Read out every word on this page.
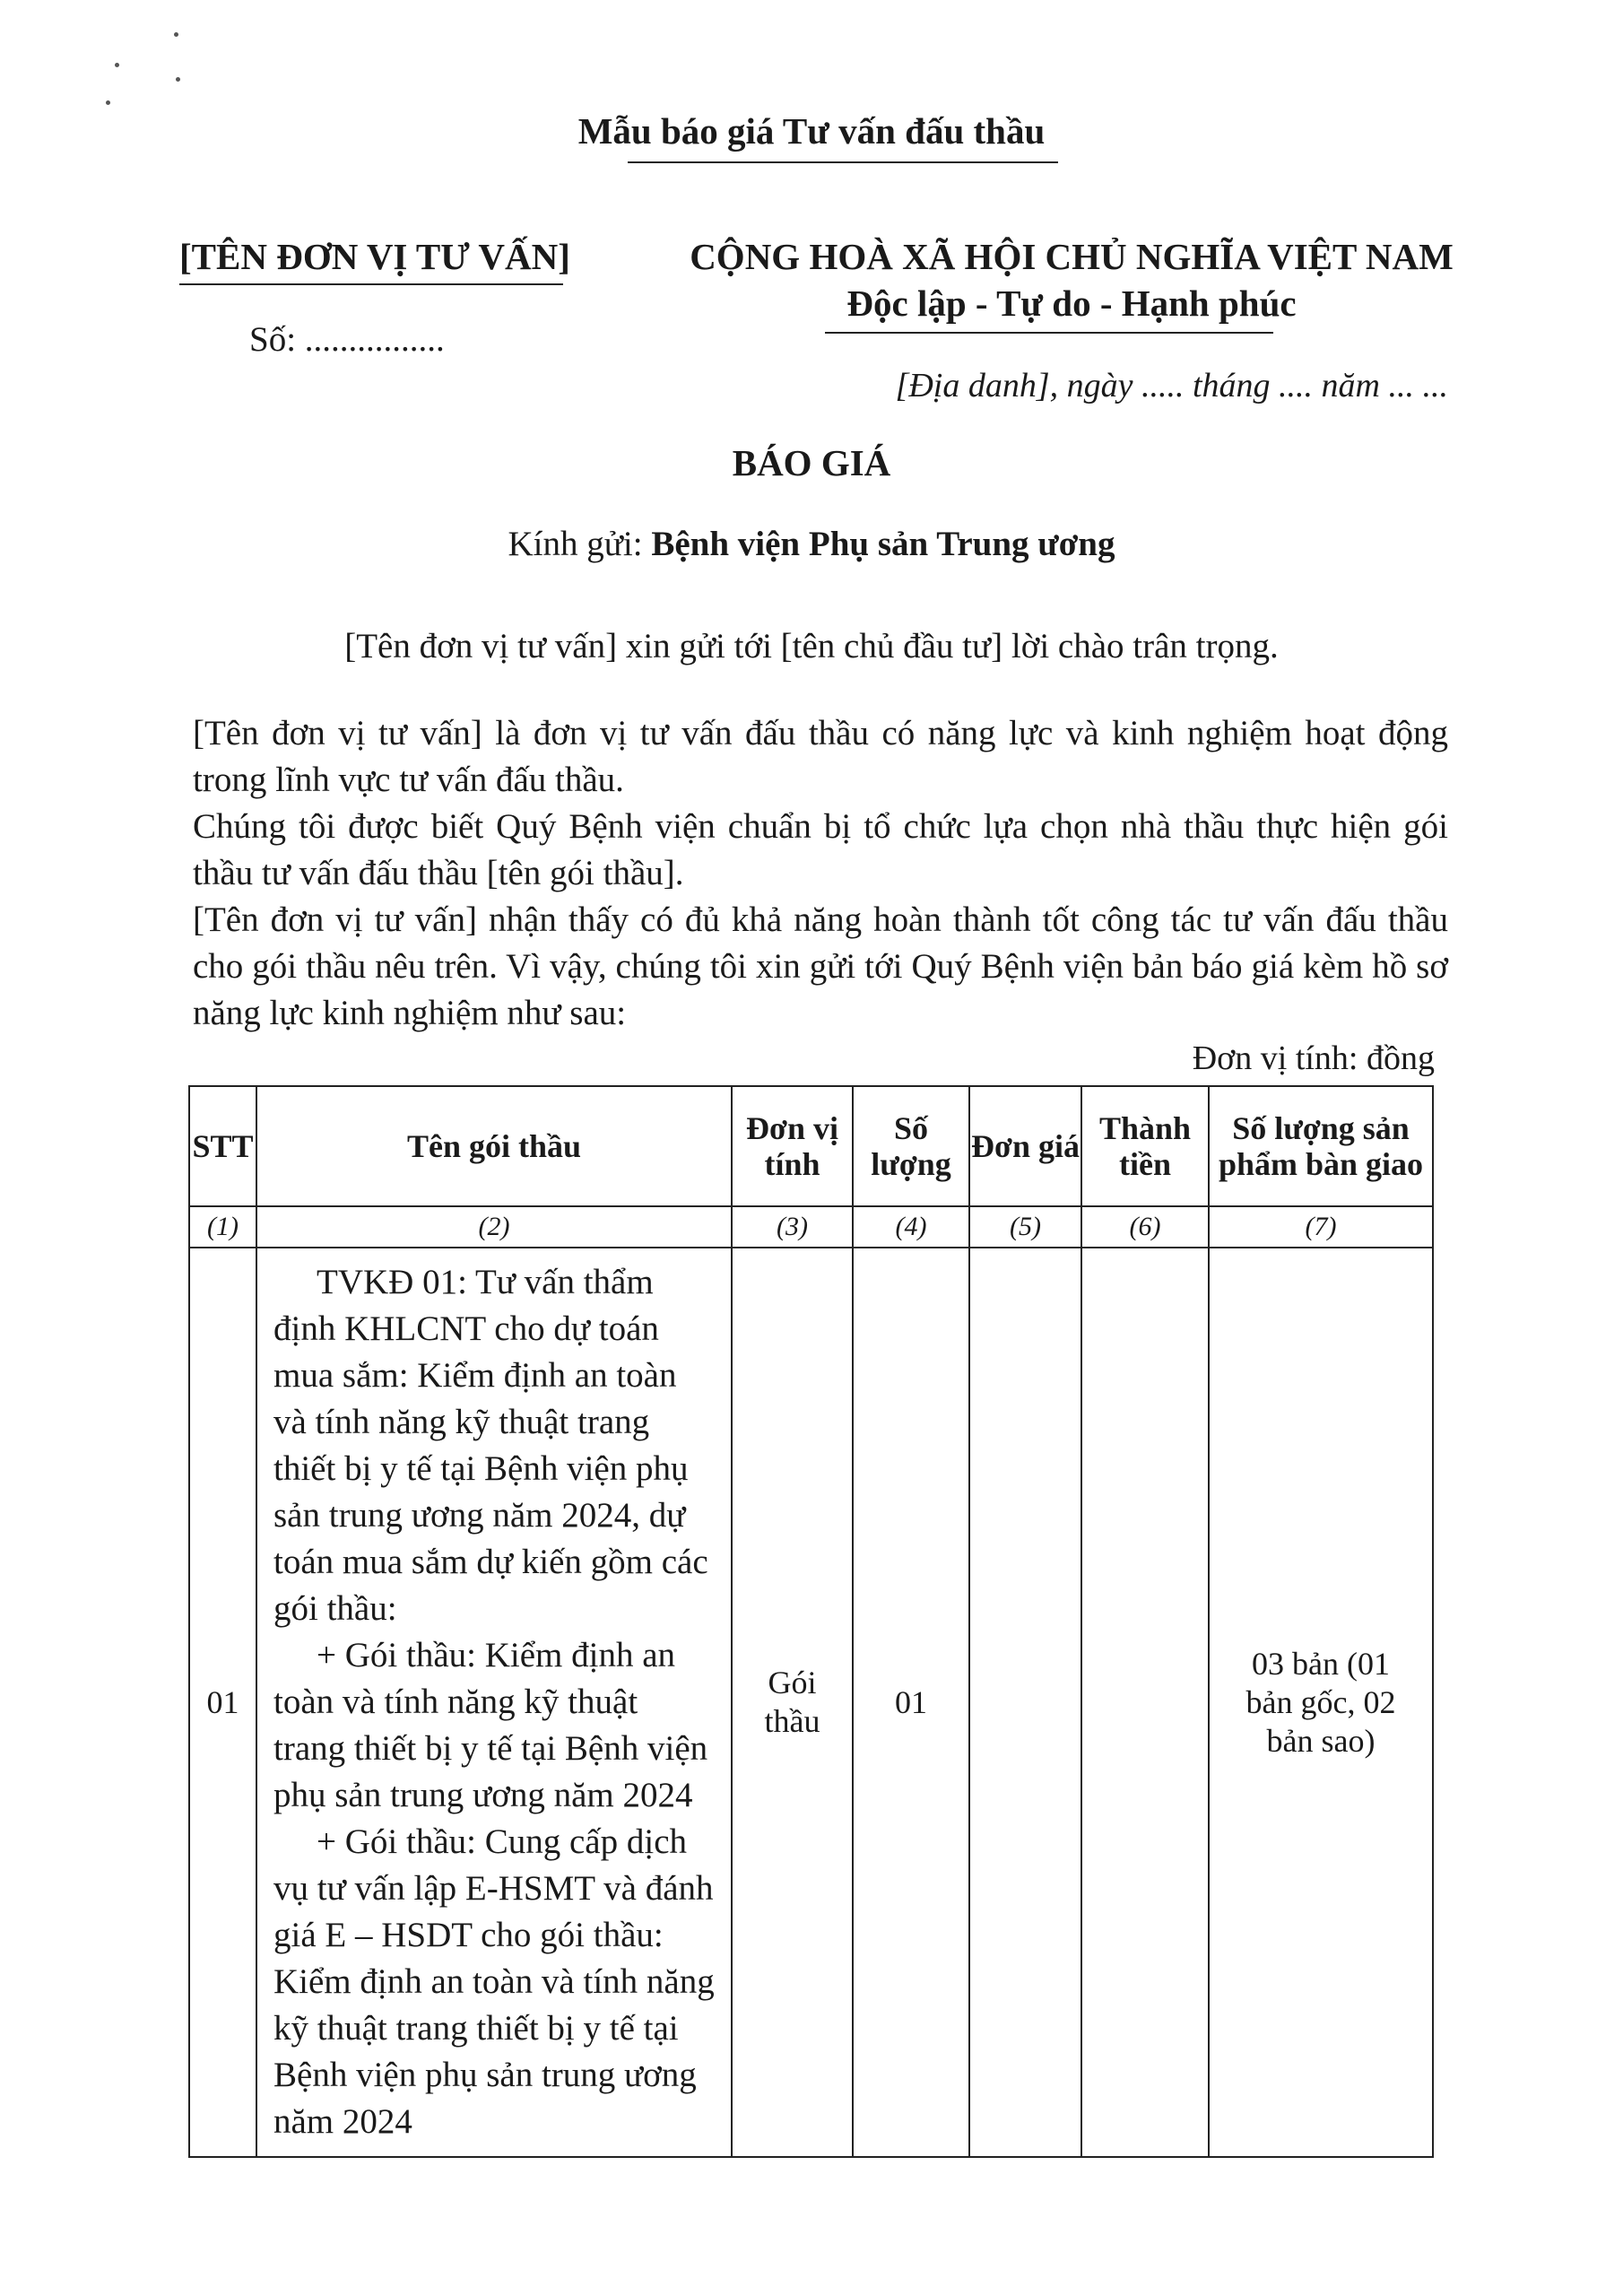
Mẫu báo giá Tư vấn đấu thầu
[TÊN ĐƠN VỊ TƯ VẤN]
Số: ................
CỘNG HOÀ XÃ HỘI CHỦ NGHĨA VIỆT NAM
Độc lập - Tự do - Hạnh phúc
[Địa danh], ngày ..... tháng .... năm ... ...
BÁO GIÁ
Kính gửi: Bệnh viện Phụ sản Trung ương
[Tên đơn vị tư vấn] xin gửi tới [tên chủ đầu tư] lời chào trân trọng.
[Tên đơn vị tư vấn] là đơn vị tư vấn đấu thầu có năng lực và kinh nghiệm hoạt động trong lĩnh vực tư vấn đấu thầu.
Chúng tôi được biết Quý Bệnh viện chuẩn bị tổ chức lựa chọn nhà thầu thực hiện gói thầu tư vấn đấu thầu [tên gói thầu].
[Tên đơn vị tư vấn] nhận thấy có đủ khả năng hoàn thành tốt công tác tư vấn đấu thầu cho gói thầu nêu trên. Vì vậy, chúng tôi xin gửi tới Quý Bệnh viện bản báo giá kèm hồ sơ năng lực kinh nghiệm như sau:
Đơn vị tính: đồng
STT	Tên gói thầu	Đơn vị tính	Số lượng	Đơn giá	Thành tiền	Số lượng sản phẩm bàn giao
(1)	(2)	(3)	(4)	(5)	(6)	(7)
01	TVKĐ 01: Tư vấn thẩm định KHLCNT cho dự toán mua sắm: Kiểm định an toàn và tính năng kỹ thuật trang thiết bị y tế tại Bệnh viện phụ sản trung ương năm 2024, dự toán mua sắm dự kiến gồm các gói thầu:
+ Gói thầu: Kiểm định an toàn và tính năng kỹ thuật trang thiết bị y tế tại Bệnh viện phụ sản trung ương năm 2024
+ Gói thầu: Cung cấp dịch vụ tư vấn lập E-HSMT và đánh giá E – HSDT cho gói thầu: Kiểm định an toàn và tính năng kỹ thuật trang thiết bị y tế tại Bệnh viện phụ sản trung ương năm 2024	Gói thầu	01			03 bản (01 bản gốc, 02 bản sao)
